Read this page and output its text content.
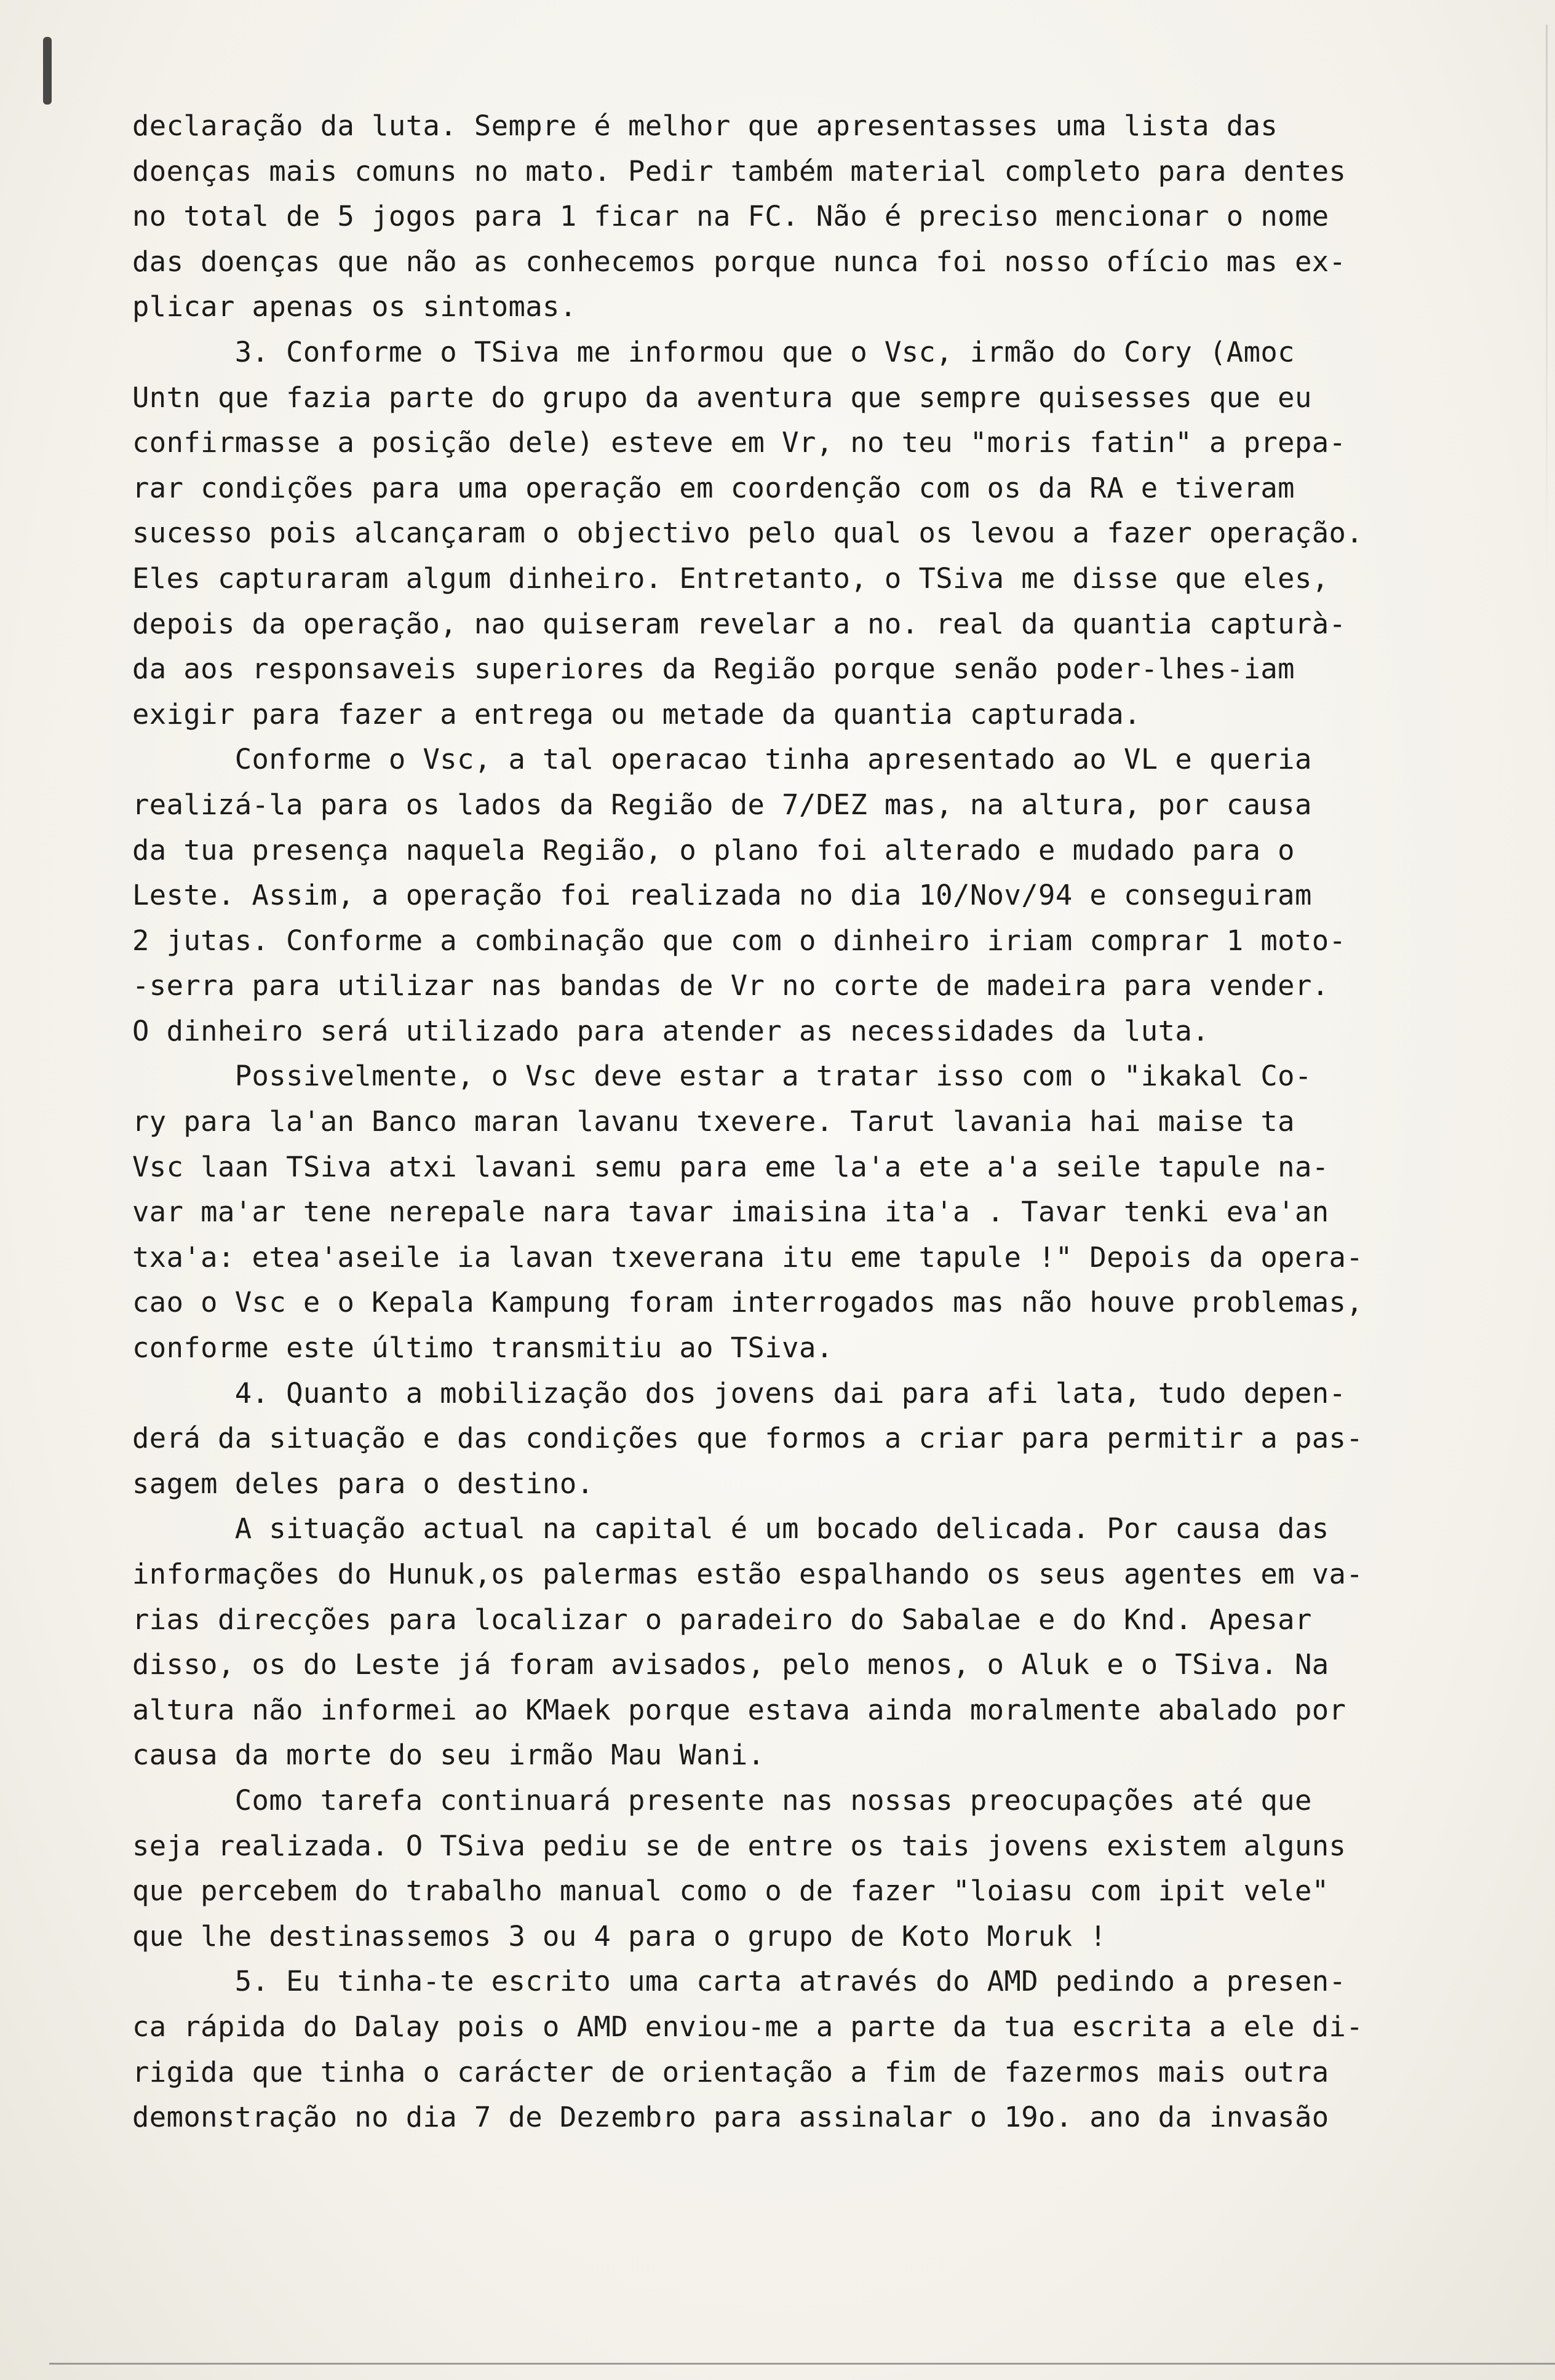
declaração da luta. Sempre é melhor que apresentasses uma lista das
doenças mais comuns no mato. Pedir também material completo para dentes
no total de 5 jogos para 1 ficar na FC. Não é preciso mencionar o nome
das doenças que não as conhecemos porque nunca foi nosso ofício mas ex-
plicar apenas os sintomas.
3. Conforme o TSiva me informou que o Vsc, irmão do Cory (Amoc
Untn que fazia parte do grupo da aventura que sempre quisesses que eu
confirmasse a posição dele) esteve em Vr, no teu "moris fatin" a prepa-
rar condições para uma operação em coordenção com os da RA e tiveram
sucesso pois alcançaram o objectivo pelo qual os levou a fazer operação.
Eles capturaram algum dinheiro. Entretanto, o TSiva me disse que eles,
depois da operação, nao quiseram revelar a no. real da quantia capturà-
da aos responsaveis superiores da Região porque senão poder-lhes-iam
exigir para fazer a entrega ou metade da quantia capturada.
Conforme o Vsc, a tal operacao tinha apresentado ao VL e queria
realizá-la para os lados da Região de 7/DEZ mas, na altura, por causa
da tua presença naquela Região, o plano foi alterado e mudado para o
Leste. Assim, a operação foi realizada no dia 10/Nov/94 e conseguiram
2 jutas. Conforme a combinação que com o dinheiro iriam comprar 1 moto-
-serra para utilizar nas bandas de Vr no corte de madeira para vender.
O dinheiro será utilizado para atender as necessidades da luta.
Possivelmente, o Vsc deve estar a tratar isso com o "ikakal Co-
ry para la'an Banco maran lavanu txevere. Tarut lavania hai maise ta
Vsc laan TSiva atxi lavani semu para eme la'a ete a'a seile tapule na-
var ma'ar tene nerepale nara tavar imaisina ita'a . Tavar tenki eva'an
txa'a: etea'aseile ia lavan txeverana itu eme tapule !" Depois da opera-
cao o Vsc e o Kepala Kampung foram interrogados mas não houve problemas,
conforme este último transmitiu ao TSiva.
4. Quanto a mobilização dos jovens dai para afi lata, tudo depen-
derá da situação e das condições que formos a criar para permitir a pas-
sagem deles para o destino.
A situação actual na capital é um bocado delicada. Por causa das
informações do Hunuk,os palermas estão espalhando os seus agentes em va-
rias direcções para localizar o paradeiro do Sabalae e do Knd. Apesar
disso, os do Leste já foram avisados, pelo menos, o Aluk e o TSiva. Na
altura não informei ao KMaek porque estava ainda moralmente abalado por
causa da morte do seu irmão Mau Wani.
Como tarefa continuará presente nas nossas preocupações até que
seja realizada. O TSiva pediu se de entre os tais jovens existem alguns
que percebem do trabalho manual como o de fazer "loiasu com ipit vele"
que lhe destinassemos 3 ou 4 para o grupo de Koto Moruk !
5. Eu tinha-te escrito uma carta através do AMD pedindo a presen-
ca rápida do Dalay pois o AMD enviou-me a parte da tua escrita a ele di-
rigida que tinha o carácter de orientação a fim de fazermos mais outra
demonstração no dia 7 de Dezembro para assinalar o 19o. ano da invasão
